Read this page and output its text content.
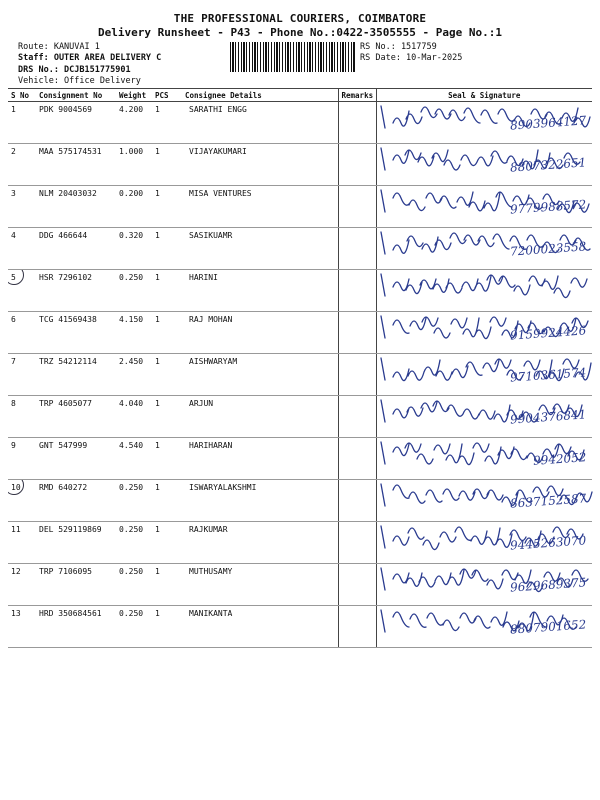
THE PROFESSIONAL COURIERS, COIMBATORE
Delivery Runsheet - P43 - Phone No.:0422-3505555 - Page No.:1
Route: KANUVAI 1
Staff: OUTER AREA DELIVERY C
DRS No.: DCJB151775901
Vehicle: Office Delivery
RS No.: 1517759
RS Date: 10-Mar-2025
S No	Consignment No	Weight	PCS	Consignee Details	Remarks	Seal & Signature
1	PDK 9004569	4.200	1	SARATHI ENGG		8903964127

2	MAA 575174531	1.000	1	VIJAYAKUMARI		8807322651

3	NLM 20403032	0.200	1	MISA VENTURES		9779988572

4	DDG 466644	0.320	1	SASIKUAMR		7200023558

5	HSR 7296102	0.250	1	HARINI		

6	TCG 41569438	4.150	1	RAJ MOHAN		9159924426

7	TRZ 54212114	2.450	1	AISHWARYAM		9710361574

8	TRP 4605077	4.040	1	ARJUN		9904376841

9	GNT 547999	4.540	1	HARIHARAN		9942052

10	RMD 640272	0.250	1	ISWARYALAKSHMI		8637152587

11	DEL 529119869	0.250	1	RAJKUMAR		9445263070

12	TRP 7106095	0.250	1	MUTHUSAMY		9629689375

13	HRD 350684561	0.250	1	MANIKANTA		8807901652
